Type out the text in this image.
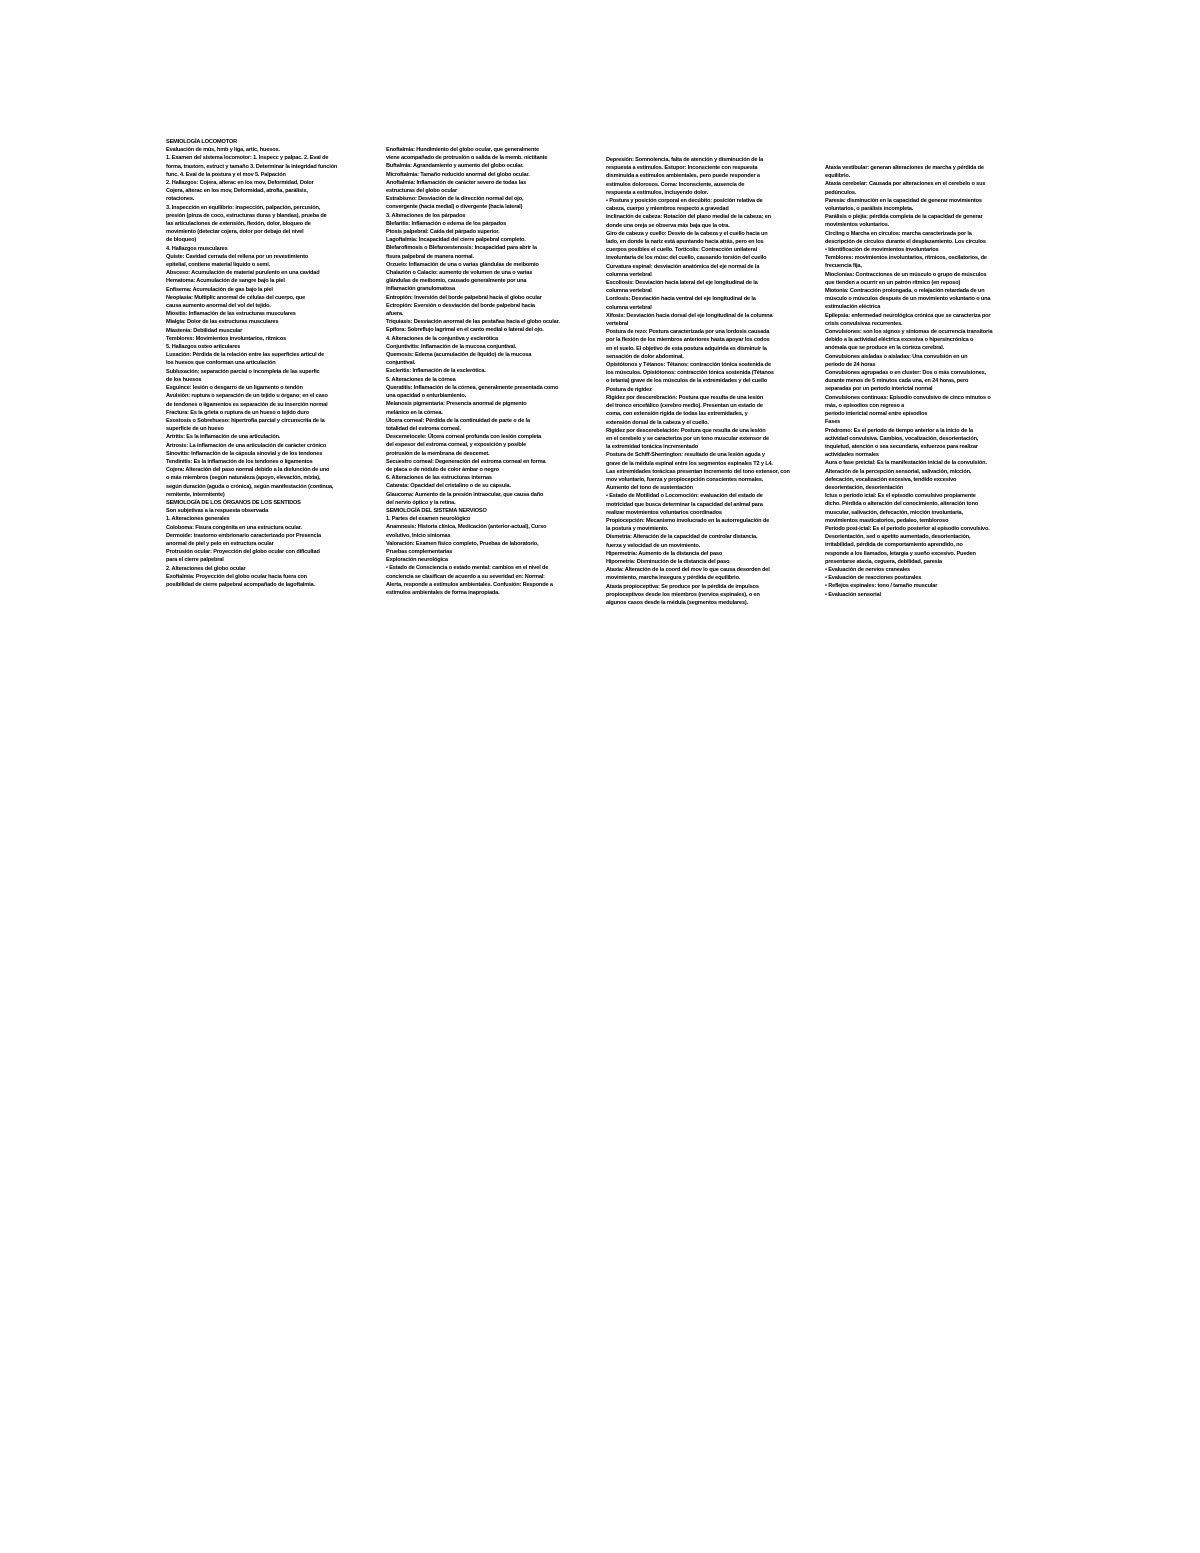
SEMIOLOGÍA LOCOMOTOR
Evaluación de mús, hmb y liga, artic, huesos.
1. Examen del sistema locomotor: 1. Inspecc y palpac. 2. Eval de
forma, trastorn, estruct y tamaño 3. Determinar la integridad función
func. 4. Eval de la postura y el mov 5. Palpación
2. Hallazgos: Cojera, alterac en los mov, Deformidad, Dolor
Cojera, alterac en los mov, Deformidad, atrofia, parálisis,
rotaciones.
3. Inspección en equilibrio: inspección, palpación, percusión,
presión (pinza de coco, estructuras duras y blandas), prueba de
las articulaciones de extensión, flexión, dolor, bloqueo de
movimiento (detectar cojera, dolor por debajo del nivel
de bloqueo)
4. Hallazgos musculares
Quiste: Cavidad cerrada del rellena por un revestimiento
epitelial, contiene material líquido o semi.
Absceso: Acumulación de material purulento en una cavidad
Hematoma: Acumulación de sangre bajo la piel
Enfisema: Acumulación de gas bajo la piel
Neoplasia: Multiplic anormal de células del cuerpo, que
causa aumento anormal del vol del tejido.
Miositis: Inflamación de las estructuras musculares
Mialgia: Dolor de las estructuras musculares
Miastenia: Debilidad muscular
Temblores: Movimientos involuntarios, rítmicos
5. Hallazgos osteo articulares
Luxación: Pérdida de la relación entre las superficies articul de
los huesos que conforman una articulación
Subluxación: separación parcial o incompleta de las superfic
de los huesos
Esguince: lesión o desgarro de un ligamento o tendón
Avulsión: ruptura o separación de un tejido u órgano; en el caso
de tendones o ligamentos es separación de su inserción normal
Fractura: Es la grieta o ruptura de un hueso o tejido duro
Exostosis o Sobrehueso: hipertrofia parcial y circunscrita de la
superficie de un hueso
Artritis: Es la inflamación de una articulación.
Artrosis: La inflamación de una articulación de carácter crónico
Sinovitis: Inflamación de la cápsula sinovial y de los tendones
Tendinitis: Es la inflamación de los tendones o ligamentos
Cojera: Alteración del paso normal debido a la disfunción de uno
o más miembros (según naturaleza (apoyo, elevación, mixta),
según duración (aguda o crónica), según manifestación (continua,
remitente, intermitente)
SEMIOLOGÍA DE LOS ÓRGANOS DE LOS SENTIDOS
Son subjetivas a la respuesta observada
1. Alteraciones generales
Coloboma: Fisura congénita en una estructura ocular.
Dermoide: trastorno embrionario caracterizado por Presencia
anormal de piel y pelo en estructura ocular
Protrusión ocular: Proyección del globo ocular con dificultad
para el cierre palpebral
2. Alteraciones del globo ocular
Exoftalmia: Proyección del globo ocular hacia fuera con
posibilidad de cierre palpebral acompañado de lagoftalmia.
Enoftalmia: Hundimiento del globo ocular, que generalmente
viene acompañado de protrusión o salida de la memb. nictitante
Buftalmia: Agrandamiento y aumento del globo ocular.
Microftalmia: Tamaño reducido anormal del globo ocular.
Anoftalmia: Inflamación de carácter severo de todas las
estructuras del globo ocular
Estrabismo: Desviación de la dirección normal del ojo,
convergente (hacia medial) o divergente (hacia lateral)
3. Alteraciones de los párpados
Blefaritis: Inflamación o edema de los párpados
Ptosis palpebral: Caída del párpado superior.
Lagoftalmia: Incapacidad del cierre palpebral completo.
Blefarofimosis o Blefaroestenosis: Incapacidad para abrir la
fisura palpebral de manera normal.
Orzuelo: Inflamación de una o varias glándulas de meibomio
Chalazión o Calacio: aumento de volumen de una o varias
glándulas de meibomio, causado generalmente por una
inflamación granulomatosa
Entropión: Inversión del borde palpebral hacia el globo ocular
Ectropión: Eversión o desviación del borde palpebral hacia
afuera.
Triquiasis: Desviación anormal de las pestañas hacia el globo ocular.
Epífora: Sobreflujo lagrimal en el canto medial o lateral del ojo.
4. Alteraciones de la conjuntiva y esclerótica
Conjuntivitis: Inflamación de la mucosa conjuntival.
Quemosis: Edema (acumulación de líquido) de la mucosa
conjuntival.
Escleritis: Inflamación de la esclerótica.
5. Alteraciones de la córnea
Queratitis: Inflamación de la córnea, generalmente presentada como
una opacidad o enturbiamiento.
Melanosis pigmentaria: Presencia anormal de pigmento
melánico en la córnea.
Úlcera corneal: Pérdida de la continuidad de parte o de la
totalidad del estroma corneal.
Descemetocele: Úlcera corneal profunda con lesión completa
del espesor del estroma corneal, y exposición y posible
protrusión de la membrana de descemet.
Secuestro corneal: Degeneración del estroma corneal en forma
de placa o de nódulo de color ámbar o negro
6. Alteraciones de las estructuras internas
Catarata: Opacidad del cristalino o de su cápsula.
Glaucoma: Aumento de la presión intraocular, que causa daño
del nervio óptico y la retina.
SEMIOLOGÍA DEL SISTEMA NERVIOSO
1. Partes del examen neurológico
Anamnesis: Historia clínica, Medicación (anterior-actual), Curso
evolutivo, Inicio síntomas
Valoración: Examen físico completo, Pruebas de laboratorio,
Pruebas complementarias
Exploración neurológica
• Estado de Consciencia o estado mental: cambios en el nivel de
conciencia se clasifican de acuerdo a su severidad en: Normal:
Alerta, responde a estímulos ambientales. Confusión: Responde a
estímulos ambientales de forma inapropiada.
Depresión: Somnolencia, falta de atención y disminución de la
respuesta a estímulos. Estupor: Inconsciente con respuesta
disminuida a estímulos ambientales, pero puede responder a
estímulos dolorosos. Coma: Inconsciente, ausencia de
respuesta a estímulos, incluyendo dolor.
• Postura y posición corporal en decúbito: posición relativa de
cabeza, cuerpo y miembros respecto a gravedad
Inclinación de cabeza: Rotación del plano medial de la cabeza; en
donde una oreja se observa más baja que la otra.
Giro de cabeza y cuello: Desvío de la cabeza y el cuello hacia un
lado, en donde la nariz está apuntando hacia atrás, pero en los
cuerpos posibles el cuello. Tortícolis: Contracción unilateral
involuntaria de los músc del cuello, causando torsión del cuello
Curvatura espinal: desviación anatómica del eje normal de la
columna vertebral
Escoliosis: Desviación hacia lateral del eje longitudinal de la
columna vertebral
Lordosis: Desviación hacia ventral del eje longitudinal de la
columna vertebral
Xifosis: Desviación hacia dorsal del eje longitudinal de la columna
vertebral
Postura de rezo: Postura caracterizada por una lordosis causada
por la flexión de los miembros anteriores hasta apoyar los codos
en el suelo. El objetivo de esta postura adquirida es disminuir la
sensación de dolor abdominal.
Opistótonos y Tétanos: Tétanos: contracción tónica sostenida de
los músculos. Opistótonos: contracción tónica sostenida (Tétanos
o tetania) grave de los músculos de la extremidades y del cuello
Postura de rigidez
Rigidez por descerebración: Postura que resulta de una lesión
del tronco encefálico (cerebro medio). Presentan un estado de
coma, con extensión rígida de todas las extremidades, y
extensión dorsal de la cabeza y el cuello.
Rigidez por descerebelación: Postura que resulta de una lesión
en el cerebelo y se caracteriza por un tono muscular extensor de
la extremidad torácica incrementado
Postura de Schiff-Sherrington: resultado de una lesión aguda y
grave de la médula espinal entre los segmentos espinales T2 y L4.
Las extremidades torácicas presentan incremento del tono extensor, con
mov voluntario, fuerza y propiocepción conscientes normales.
Aumento del tono de sustentación
• Estado de Motilidad o Locomoción: evaluación del estado de
motricidad que busca determinar la capacidad del animal para
realizar movimientos voluntarios coordinados
Propiocepción: Mecanismo involucrado en la autorregulación de
la postura y movimiento.
Dismetría: Alteración de la capacidad de controlar distancia,
fuerza y velocidad de un movimiento.
Hipermetría: Aumento de la distancia del paso
Hipometría: Disminución de la distancia del paso
Ataxia: Alteración de la coord del mov lo que causa desorden del
movimiento, marcha insegura y pérdida de equilibrio.
Ataxia propioceptiva: Se produce por la pérdida de impulsos
propioceptivos desde los miembros (nervios espinales), o en
algunos casos desde la médula (segmentos medulares).
Ataxia vestibular: generan alteraciones de marcha y pérdida de
equilibrio.
Ataxia cerebelar: Causada por alteraciones en el cerebelo o sus
pedúnculos.
Paresia: disminución en la capacidad de generar movimientos
voluntarios, o parálisis incompleta.
Parálisis o plejía: pérdida completa de la capacidad de generar
movimientos voluntarios.
Circling o Marcha en círculos: marcha caracterizada por la
descripción de círculos durante el desplazamiento. Los círculos
• Identificación de movimientos involuntarios
Temblores: movimientos involuntarios, rítmicos, oscilatorios, de
frecuencia fija,
Mioclonías: Contracciones de un músculo o grupo de músculos
que tienden a ocurrir en un patrón rítmico (en reposo)
Miotonía: Contracción prolongada, o relajación retardada de un
músculo o músculos después de un movimiento voluntario o una
estimulación eléctrica
Epilepsia: enfermedad neurológica crónica que se caracteriza por
crisis convulsivas recurrentes.
Convulsiones: son los signos y síntomas de ocurrencia transitoria
debido a la actividad eléctrica excesiva o hipersincrónica o
anómala que se produce en la corteza cerebral.
Convulsiones aisladas o aisladas: Una convulsión en un
periodo de 24 horas
Convulsiones agrupadas o en cluster: Dos o más convulsiones,
durante menos de 5 minutos cada una, en 24 horas, pero
separadas por un periodo interictal normal
Convulsiones continuas: Episodio convulsivo de cinco minutos o
más, o episodios con regreso a
periodo interictal normal entre episodios
Fases
Pródromo: Es el periodo de tiempo anterior a la inicio de la
actividad convulsiva. Cambios, vocalización, desorientación,
inquietud, atención o sea secundaria, esfuerzos para realizar
actividades normales
Aura o fase preictal: Es la manifestación inicial de la convulsión.
Alteración de la percepción sensorial, salivación, micción,
defecación, vocalización excesiva, tendido excesivo
desorientación, desorientación
Ictus o periodo ictal: Es el episodio convulsivo propiamente
dicho. Pérdida o alteración del conocimiento, alteración tono
muscular, salivación, defecación, micción involuntaria,
movimientos masticatorios, pedaleo, tembloroso
Periodo post-ictal: Es el periodo posterior al episodio convulsivo.
Desorientación, sed o apetito aumentado, desorientación,
irritabilidad, pérdida de comportamiento aprendido, no
responde a los llamados, letargia y sueño excesivo. Pueden
presentarse ataxia, ceguera, debilidad, paresia
• Evaluación de nervios craneales
• Evaluación de reacciones posturales
• Reflejos espinales: tono / tamaño muscular
• Evaluación sensorial
